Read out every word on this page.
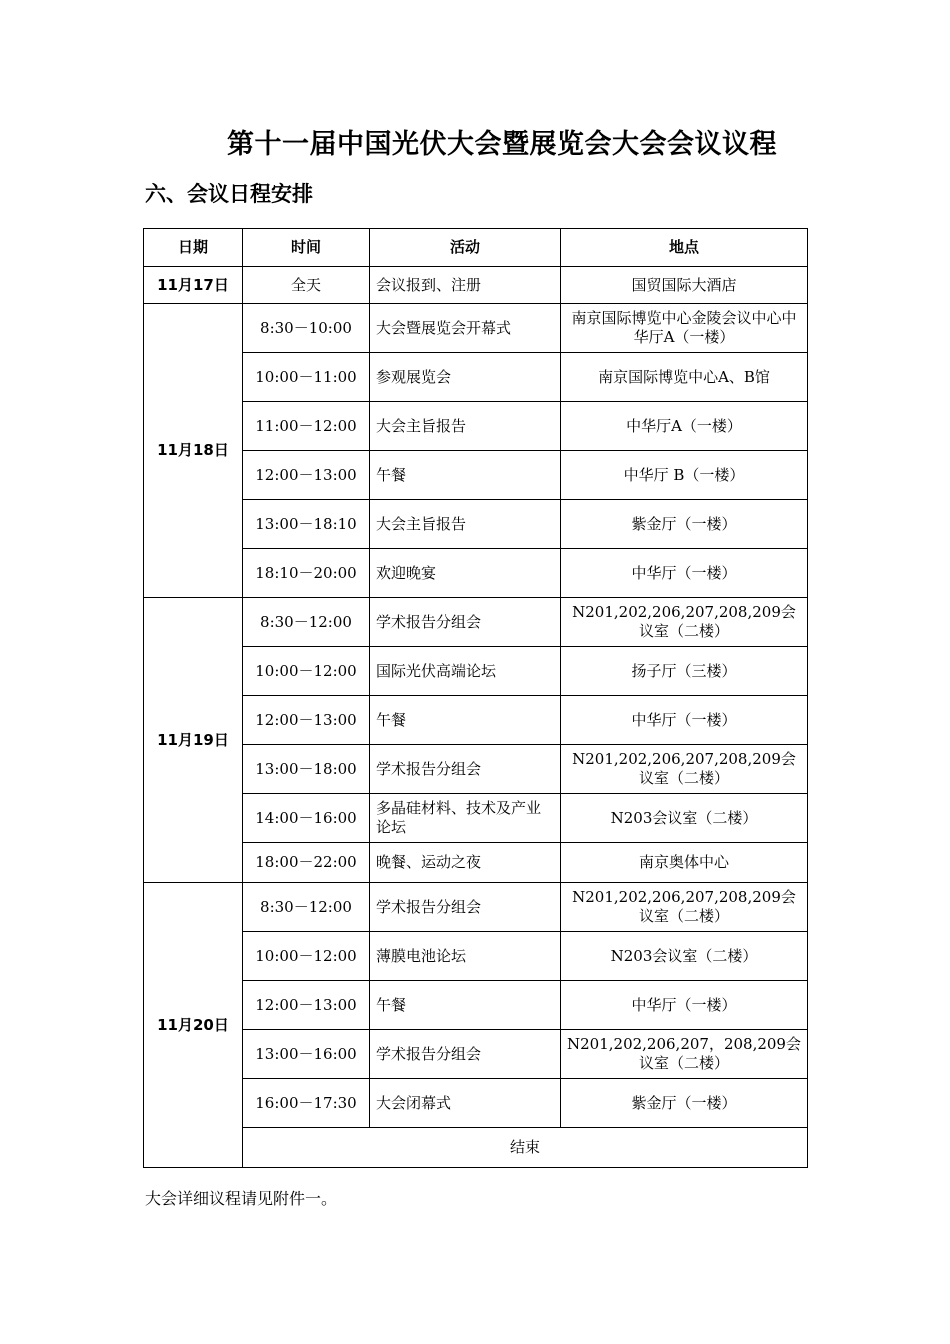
第十一届中国光伏大会暨展览会大会会议议程
六、会议日程安排
日期	时间	活动	地点
11月17日	全天	会议报到、注册	国贸国际大酒店
11月18日	8:30－10:00	大会暨展览会开幕式	南京国际博览中心金陵会议中心中华厅A（一楼）
	10:00－11:00	参观展览会	南京国际博览中心A、B馆
	11:00－12:00	大会主旨报告	中华厅A（一楼）
	12:00－13:00	午餐	中华厅 B（一楼）
	13:00－18:10	大会主旨报告	紫金厅（一楼）
	18:10－20:00	欢迎晚宴	中华厅（一楼）
11月19日	8:30－12:00	学术报告分组会	N201,202,206,207,208,209会议室（二楼）
	10:00－12:00	国际光伏高端论坛	扬子厅（三楼）
	12:00－13:00	午餐	中华厅（一楼）
	13:00－18:00	学术报告分组会	N201,202,206,207,208,209会议室（二楼）
	14:00－16:00	多晶硅材料、技术及产业论坛	N203会议室（二楼）
	18:00－22:00	晚餐、运动之夜	南京奥体中心
11月20日	8:30－12:00	学术报告分组会	N201,202,206,207,208,209会议室（二楼）
	10:00－12:00	薄膜电池论坛	N203会议室（二楼）
	12:00－13:00	午餐	中华厅（一楼）
	13:00－16:00	学术报告分组会	N201,202,206,207，208,209会议室（二楼）
	16:00－17:30	大会闭幕式	紫金厅（一楼）
	结束		
大会详细议程请见附件一。
